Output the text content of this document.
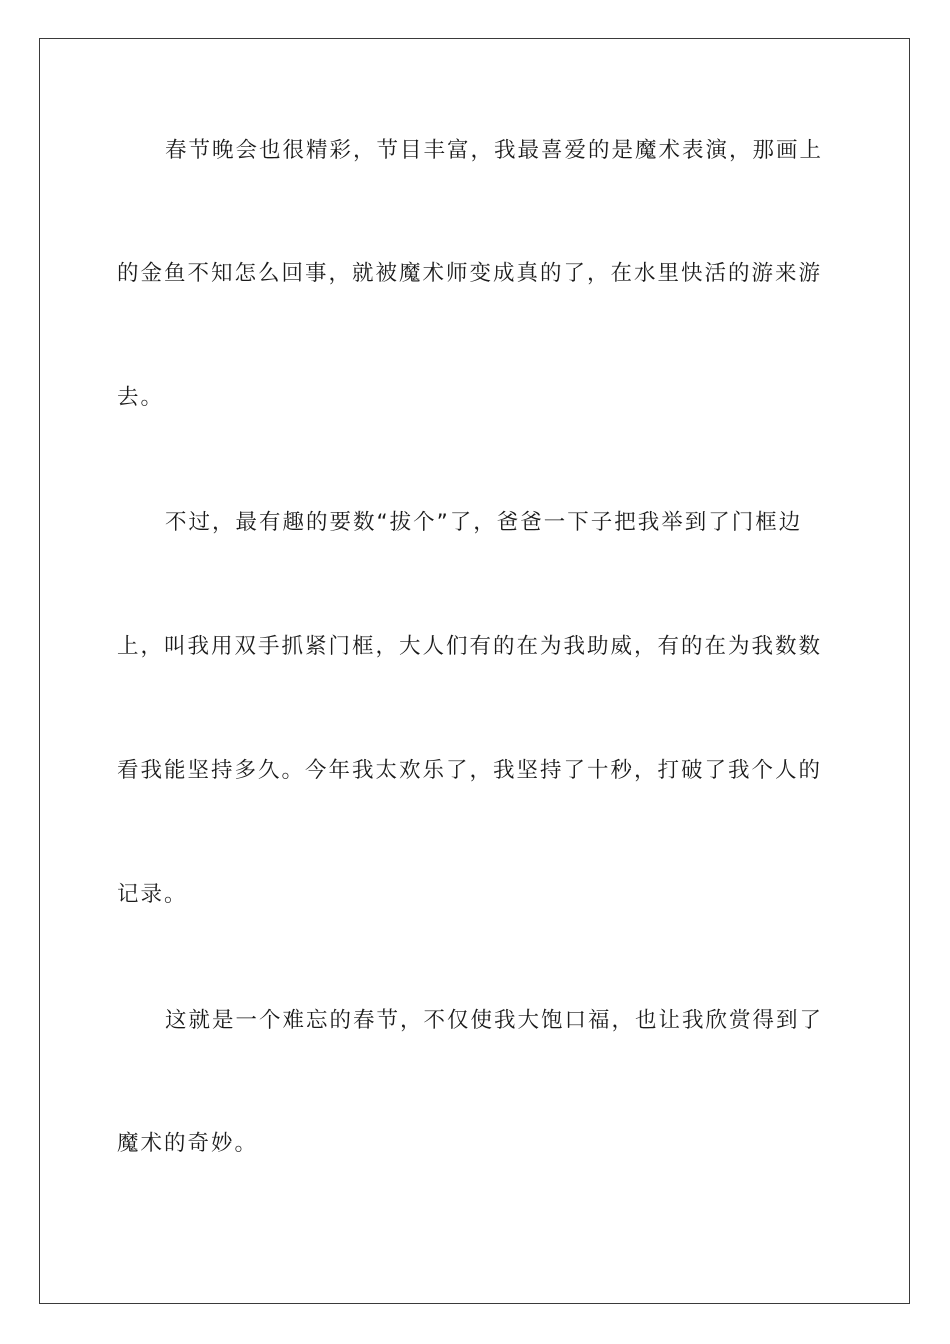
春节晚会也很精彩，节目丰富，我最喜爱的是魔术表演，那画上
的金鱼不知怎么回事，就被魔术师变成真的了，在水里快活的游来游
去。
不过，最有趣的要数“拔个”了，爸爸一下子把我举到了门框边
上，叫我用双手抓紧门框，大人们有的在为我助威，有的在为我数数
看我能坚持多久。今年我太欢乐了，我坚持了十秒，打破了我个人的
记录。
这就是一个难忘的春节，不仅使我大饱口福，也让我欣赏得到了
魔术的奇妙。
